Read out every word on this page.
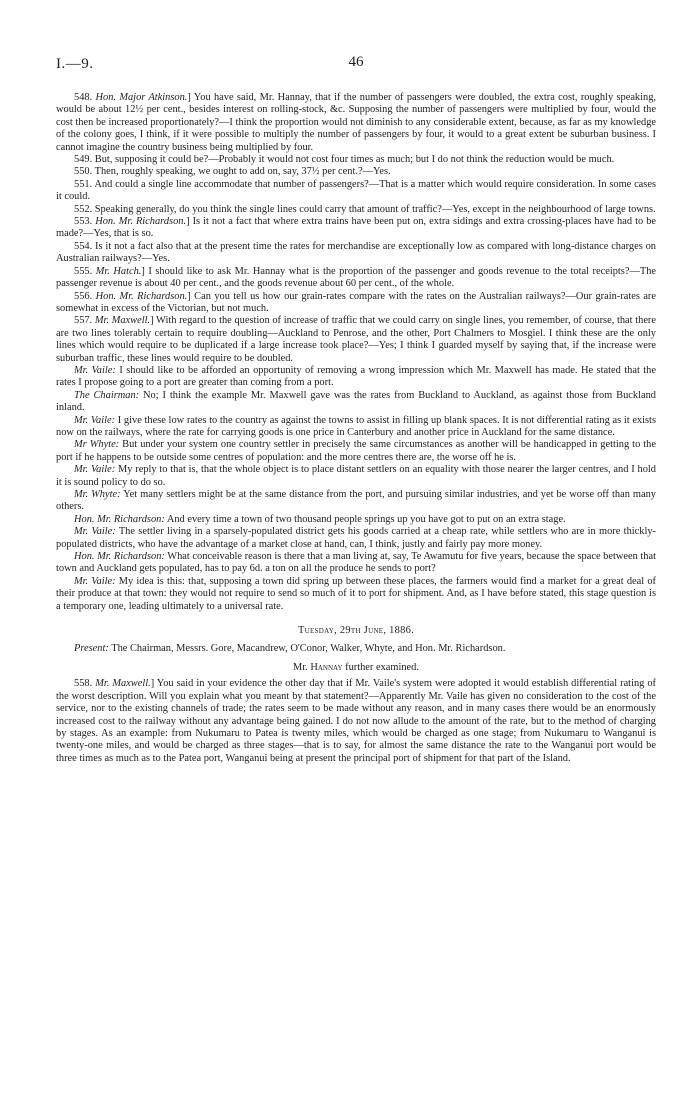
I.—9.	46

548. Hon. Major Atkinson.] You have said, Mr. Hannay, that if the number of passengers were doubled, the extra cost, roughly speaking, would be about 12½ per cent., besides interest on rolling-stock, &c. Supposing the number of passengers were multiplied by four, would the cost then be increased proportionately?—I think the proportion would not diminish to any considerable extent, because, as far as my knowledge of the colony goes, I think, if it were possible to multiply the number of passengers by four, it would to a great extent be suburban business. I cannot imagine the country business being multiplied by four.

549. But, supposing it could be?—Probably it would not cost four times as much; but I do not think the reduction would be much.

550. Then, roughly speaking, we ought to add on, say, 37½ per cent.?—Yes.

551. And could a single line accommodate that number of passengers?—That is a matter which would require consideration. In some cases it could.

552. Speaking generally, do you think the single lines could carry that amount of traffic?—Yes, except in the neighbourhood of large towns.

553. Hon. Mr. Richardson.] Is it not a fact that where extra trains have been put on, extra sidings and extra crossing-places have had to be made?—Yes, that is so.

554. Is it not a fact also that at the present time the rates for merchandise are exceptionally low as compared with long-distance charges on Australian railways?—Yes.

555. Mr. Hatch.] I should like to ask Mr. Hannay what is the proportion of the passenger and goods revenue to the total receipts?—The passenger revenue is about 40 per cent., and the goods revenue about 60 per cent., of the whole.

556. Hon. Mr. Richardson.] Can you tell us how our grain-rates compare with the rates on the Australian railways?—Our grain-rates are somewhat in excess of the Victorian, but not much.

557. Mr. Maxwell.] With regard to the question of increase of traffic that we could carry on single lines, you remember, of course, that there are two lines tolerably certain to require doubling—Auckland to Penrose, and the other, Port Chalmers to Mosgiel. I think these are the only lines which would require to be duplicated if a large increase took place?—Yes; I think I guarded myself by saying that, if the increase were suburban traffic, these lines would require to be doubled.

Mr. Vaile: I should like to be afforded an opportunity of removing a wrong impression which Mr. Maxwell has made. He stated that the rates I propose going to a port are greater than coming from a port.

The Chairman: No; I think the example Mr. Maxwell gave was the rates from Buckland to Auckland, as against those from Buckland inland.

Mr. Vaile: I give these low rates to the country as against the towns to assist in filling up blank spaces. It is not differential rating as it exists now on the railways, where the rate for carrying goods is one price in Canterbury and another price in Auckland for the same distance.

Mr Whyte: But under your system one country settler in precisely the same circumstances as another will be handicapped in getting to the port if he happens to be outside some centres of population: and the more centres there are, the worse off he is.

Mr. Vaile: My reply to that is, that the whole object is to place distant settlers on an equality with those nearer the larger centres, and I hold it is sound policy to do so.

Mr. Whyte: Yet many settlers might be at the same distance from the port, and pursuing similar industries, and yet be worse off than many others.

Hon. Mr. Richardson: And every time a town of two thousand people springs up you have got to put on an extra stage.

Mr. Vaile: The settler living in a sparsely-populated district gets his goods carried at a cheap rate, while settlers who are in more thickly-populated districts, who have the advantage of a market close at hand, can, I think, justly and fairly pay more money.

Hon. Mr. Richardson: What conceivable reason is there that a man living at, say, Te Awamutu for five years, because the space between that town and Auckland gets populated, has to pay 6d. a ton on all the produce he sends to port?

Mr. Vaile: My idea is this: that, supposing a town did spring up between these places, the farmers would find a market for a great deal of their produce at that town: they would not require to send so much of it to port for shipment. And, as I have before stated, this stage question is a temporary one, leading ultimately to a universal rate.

Tuesday, 29th June, 1886.

Present: The Chairman, Messrs. Gore, Macandrew, O'Conor, Walker, Whyte, and Hon. Mr. Richardson.

Mr. Hannay further examined.

558. Mr. Maxwell.] You said in your evidence the other day that if Mr. Vaile's system were adopted it would establish differential rating of the worst description. Will you explain what you meant by that statement?—Apparently Mr. Vaile has given no consideration to the cost of the service, nor to the existing channels of trade; the rates seem to be made without any reason, and in many cases there would be an enormously increased cost to the railway without any advantage being gained. I do not now allude to the amount of the rate, but to the method of charging by stages. As an example: from Nukumaru to Patea is twenty miles, which would be charged as one stage; from Nukumaru to Wanganui is twenty-one miles, and would be charged as three stages—that is to say, for almost the same distance the rate to the Wanganui port would be three times as much as to the Patea port, Wanganui being at present the principal port of shipment for that part of the Island.
